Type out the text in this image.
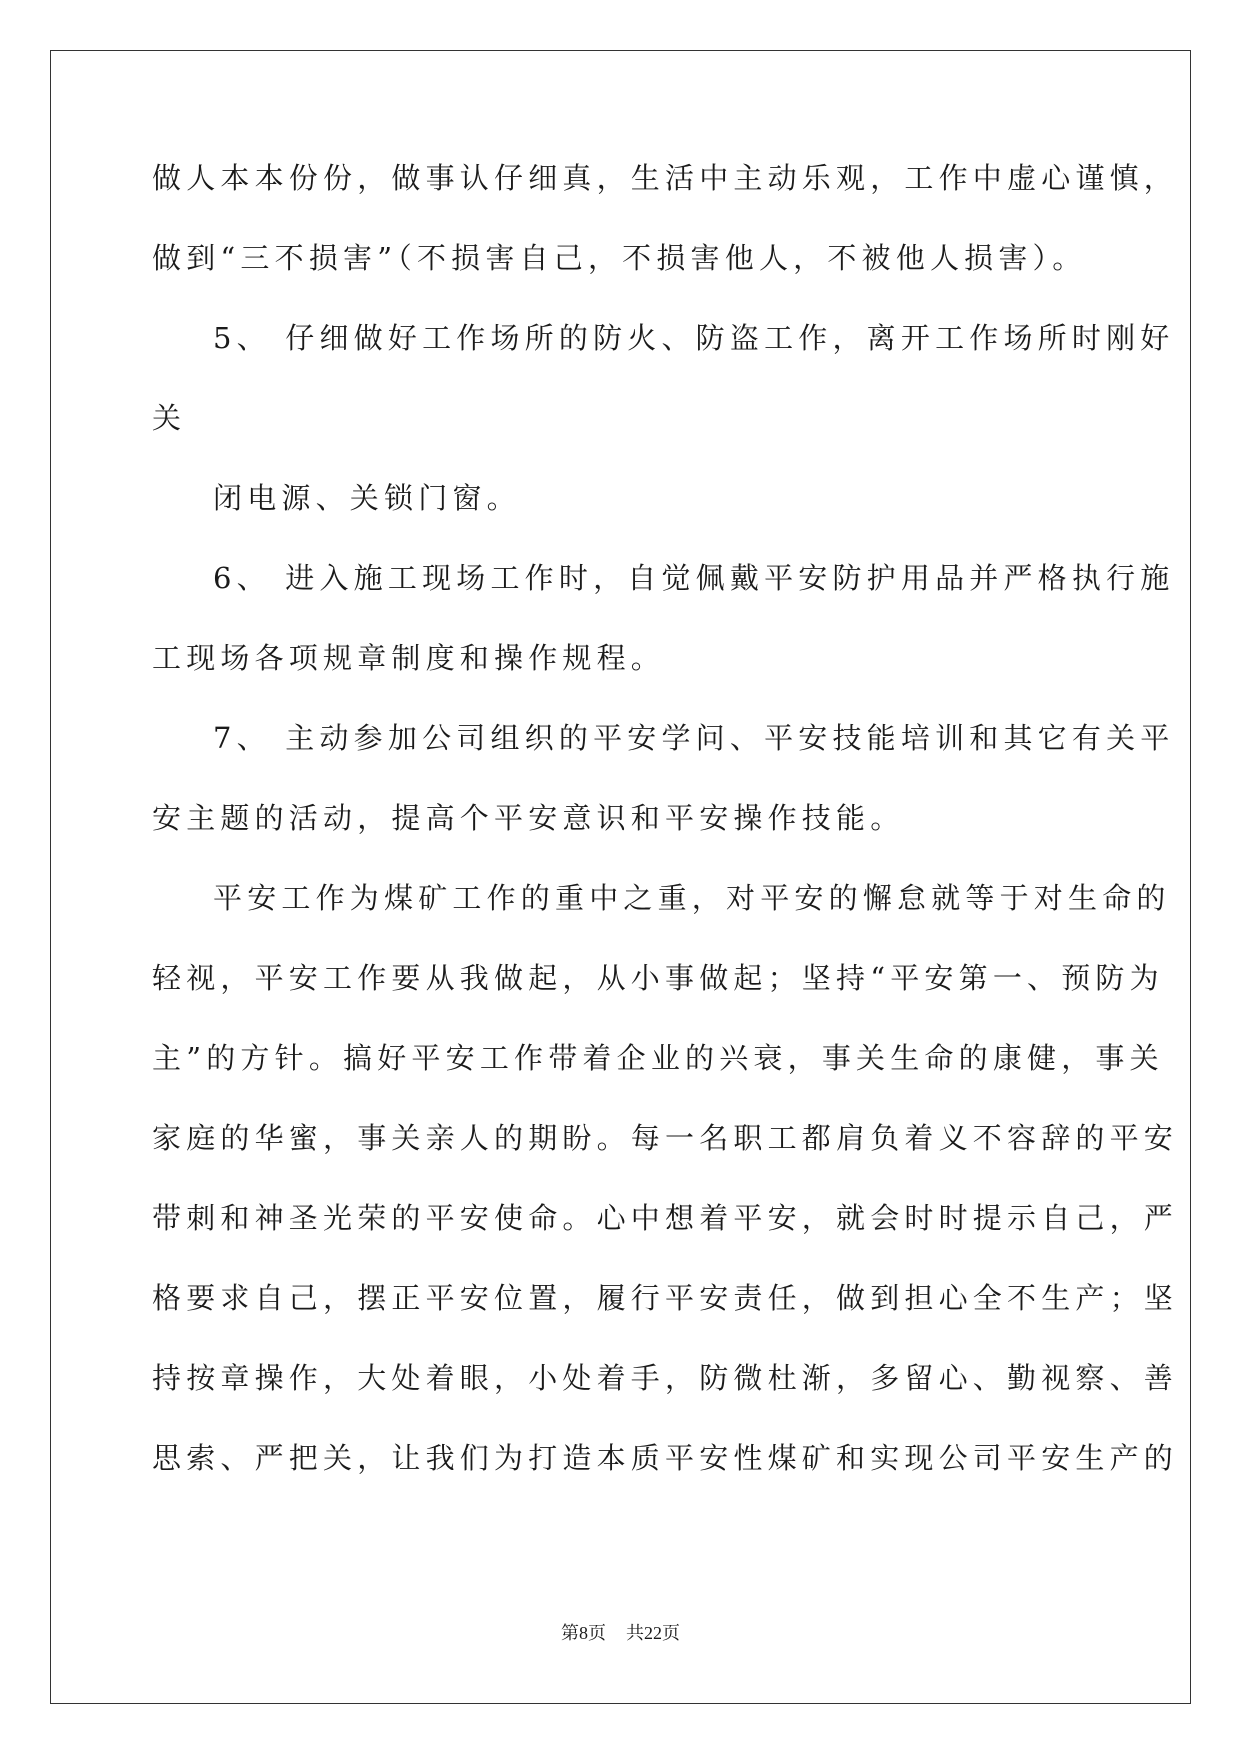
做人本本份份，做事认仔细真，生活中主动乐观，工作中虚心谨慎，
做到“三不损害”（不损害自己，不损害他人，不被他人损害）。
5、 仔细做好工作场所的防火、防盗工作，离开工作场所时刚好
关
闭电源、关锁门窗。
6、 进入施工现场工作时，自觉佩戴平安防护用品并严格执行施
工现场各项规章制度和操作规程。
7、 主动参加公司组织的平安学问、平安技能培训和其它有关平
安主题的活动，提高个平安意识和平安操作技能。
平安工作为煤矿工作的重中之重，对平安的懈怠就等于对生命的
轻视，平安工作要从我做起，从小事做起；坚持“平安第一、预防为
主”的方针。搞好平安工作带着企业的兴衰，事关生命的康健，事关
家庭的华蜜，事关亲人的期盼。每一名职工都肩负着义不容辞的平安
带刺和神圣光荣的平安使命。心中想着平安，就会时时提示自己，严
格要求自己，摆正平安位置，履行平安责任，做到担心全不生产；坚
持按章操作，大处着眼，小处着手，防微杜渐，多留心、勤视察、善
思索、严把关，让我们为打造本质平安性煤矿和实现公司平安生产的
第8页 共22页
